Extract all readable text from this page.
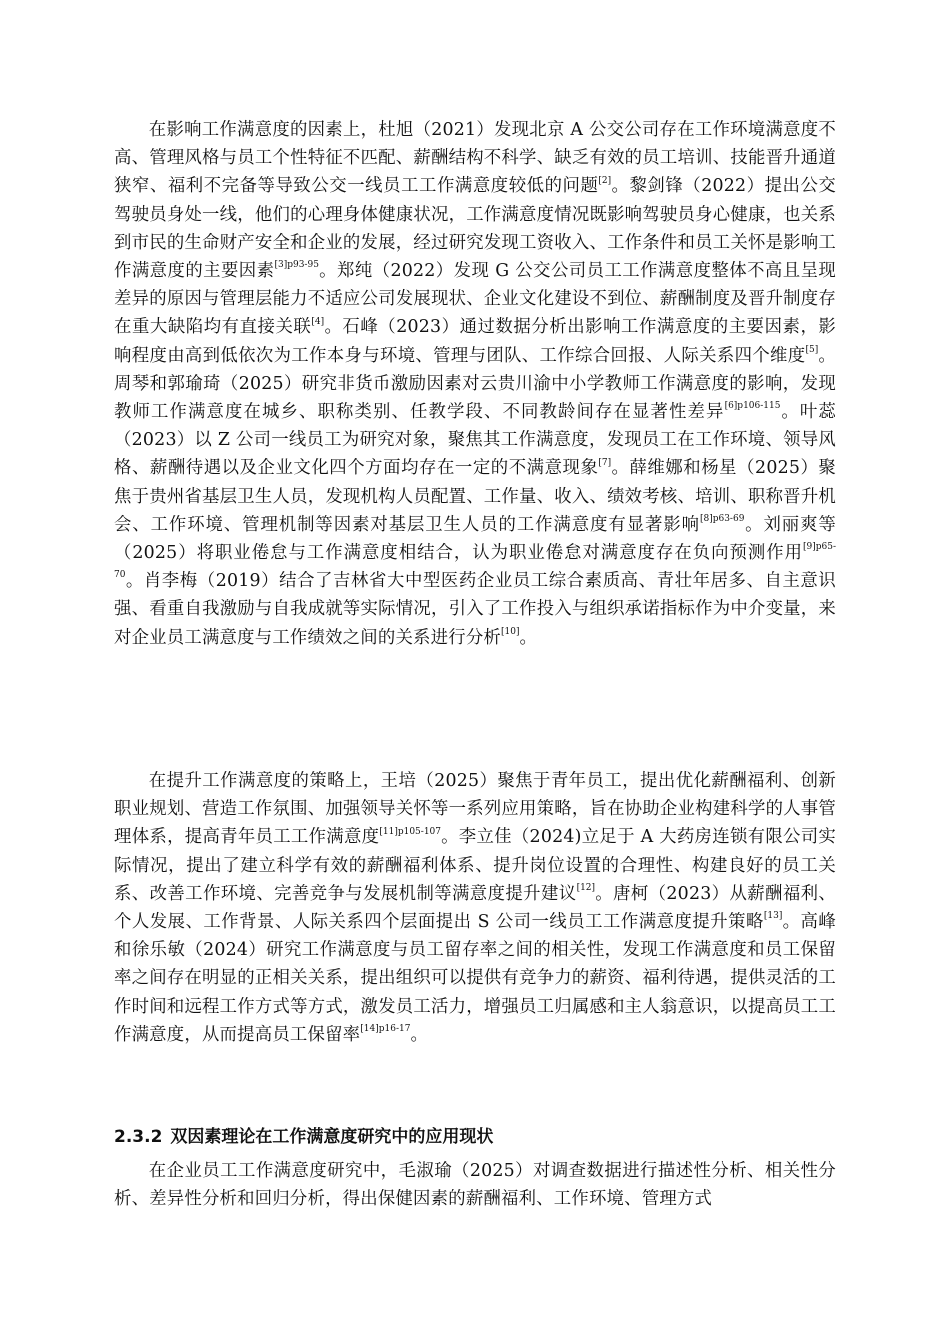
在影响工作满意度的因素上，杜旭（2021）发现北京 A 公交公司存在工作环境满意度不高、管理风格与员工个性特征不匹配、薪酬结构不科学、缺乏有效的员工培训、技能晋升通道狭窄、福利不完备等导致公交一线员工工作满意度较低的问题[2]。黎剑锋（2022）提出公交驾驶员身处一线，他们的心理身体健康状况，工作满意度情况既影响驾驶员身心健康，也关系到市民的生命财产安全和企业的发展，经过研究发现工资收入、工作条件和员工关怀是影响工作满意度的主要因素$^{[3]p93-95}$。郑纯（2022）发现 G 公交公司员工工作满意度整体不高且呈现差异的原因与管理层能力不适应公司发展现状、企业文化建设不到位、薪酬制度及晋升制度存在重大缺陷均有直接关联[4]。石峰（2023）通过数据分析出影响工作满意度的主要因素，影响程度由高到低依次为工作本身与环境、管理与团队、工作综合回报、人际关系四个维度[5]。周琴和郭瑜琦（2025）研究非货币激励因素对云贵川渝中小学教师工作满意度的影响，发现教师工作满意度在城乡、职称类别、任教学段、不同教龄间存在显著性差异$^{[6]p106-115}$。叶蕊（2023）以 Z 公司一线员工为研究对象，聚焦其工作满意度，发现员工在工作环境、领导风格、薪酬待遇以及企业文化四个方面均存在一定的不满意现象[7]。薛维娜和杨星（2025）聚焦于贵州省基层卫生人员，发现机构人员配置、工作量、收入、绩效考核、培训、职称晋升机会、工作环境、管理机制等因素对基层卫生人员的工作满意度有显著影响$^{[8]p63-69}$。刘丽爽等（2025）将职业倦怠与工作满意度相结合，认为职业倦怠对满意度存在负向预测作用$^{[9]p65-70}$。肖李梅（2019）结合了吉林省大中型医药企业员工综合素质高、青壮年居多、自主意识强、看重自我激励与自我成就等实际情况，引入了工作投入与组织承诺指标作为中介变量，来对企业员工满意度与工作绩效之间的关系进行分析[10]。

在提升工作满意度的策略上，王培（2025）聚焦于青年员工，提出优化薪酬福利、创新职业规划、营造工作氛围、加强领导关怀等一系列应用策略，旨在协助企业构建科学的人事管理体系，提高青年员工工作满意度$^{[11]p105-107}$。李立佳（2024)立足于 A 大药房连锁有限公司实际情况，提出了建立科学有效的薪酬福利体系、提升岗位设置的合理性、构建良好的员工关系、改善工作环境、完善竞争与发展机制等满意度提升建议[12]。唐柯（2023）从薪酬福利、个人发展、工作背景、人际关系四个层面提出 S 公司一线员工工作满意度提升策略[13]。高峰和徐乐敏（2024）研究工作满意度与员工留存率之间的相关性，发现工作满意度和员工保留率之间存在明显的正相关关系，提出组织可以提供有竞争力的薪资、福利待遇，提供灵活的工作时间和远程工作方式等方式，激发员工活力，增强员工归属感和主人翁意识，以提高员工工作满意度，从而提高员工保留率$^{[14]p16-17}$。

2.3.2 双因素理论在工作满意度研究中的应用现状

在企业员工工作满意度研究中，毛淑瑜（2025）对调查数据进行描述性分析、相关性分析、差异性分析和回归分析，得出保健因素的薪酬福利、工作环境、管理方式
